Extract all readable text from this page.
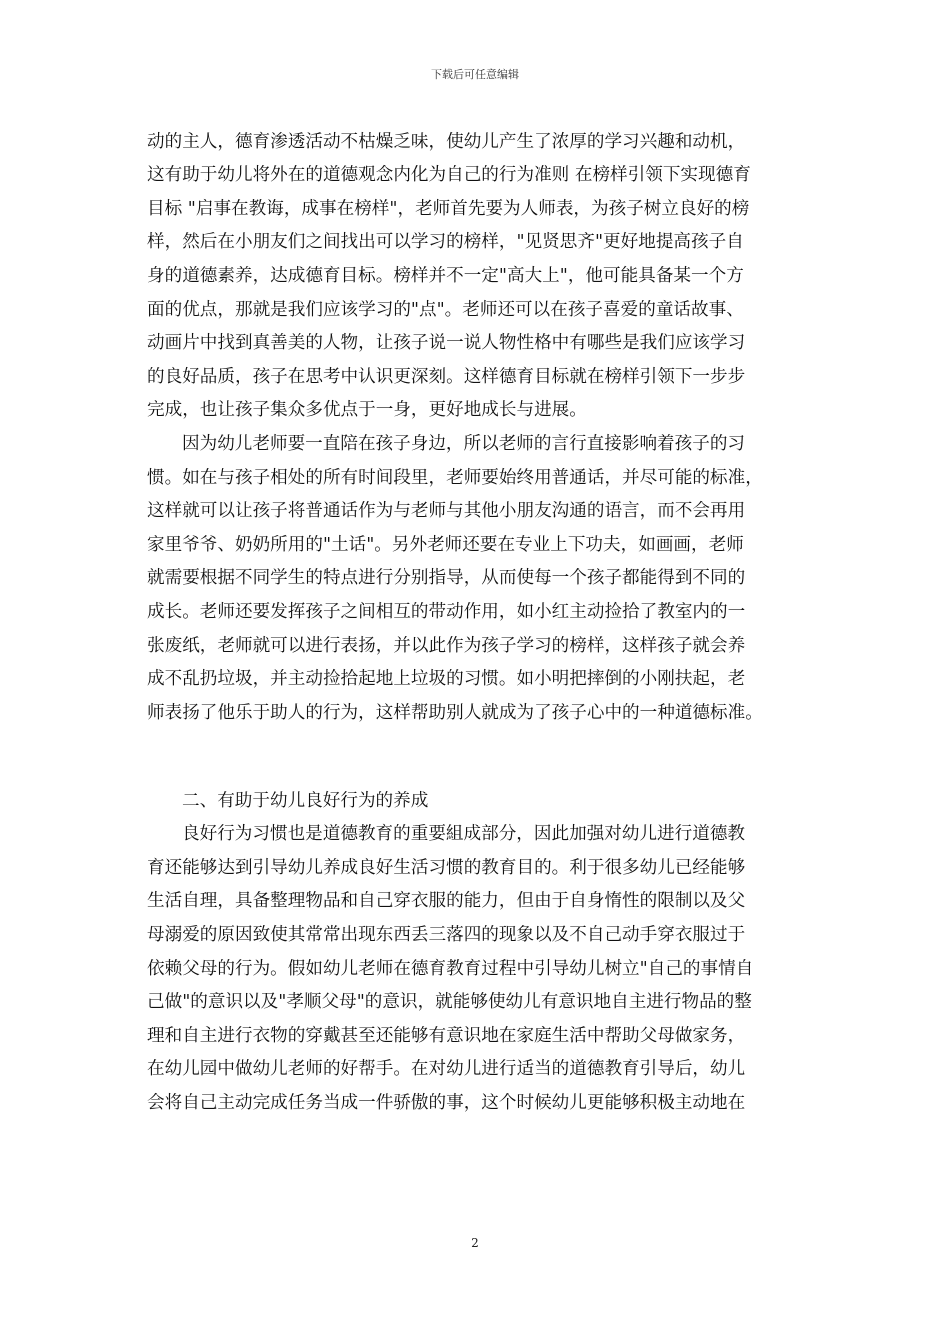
下载后可任意编辑
动的主人，德育渗透活动不枯燥乏味，使幼儿产生了浓厚的学习兴趣和动机，
这有助于幼儿将外在的道德观念内化为自己的行为准则 在榜样引领下实现德育
目标 "启事在教诲，成事在榜样"，老师首先要为人师表，为孩子树立良好的榜
样，然后在小朋友们之间找出可以学习的榜样，"见贤思齐"更好地提高孩子自
身的道德素养，达成德育目标。榜样并不一定"高大上"，他可能具备某一个方
面的优点，那就是我们应该学习的"点"。老师还可以在孩子喜爱的童话故事、
动画片中找到真善美的人物，让孩子说一说人物性格中有哪些是我们应该学习
的良好品质，孩子在思考中认识更深刻。这样德育目标就在榜样引领下一步步
完成，也让孩子集众多优点于一身，更好地成长与进展。
因为幼儿老师要一直陪在孩子身边，所以老师的言行直接影响着孩子的习
惯。如在与孩子相处的所有时间段里，老师要始终用普通话，并尽可能的标准，
这样就可以让孩子将普通话作为与老师与其他小朋友沟通的语言，而不会再用
家里爷爷、奶奶所用的"土话"。另外老师还要在专业上下功夫，如画画，老师
就需要根据不同学生的特点进行分别指导，从而使每一个孩子都能得到不同的
成长。老师还要发挥孩子之间相互的带动作用，如小红主动捡拾了教室内的一
张废纸，老师就可以进行表扬，并以此作为孩子学习的榜样，这样孩子就会养
成不乱扔垃圾，并主动捡拾起地上垃圾的习惯。如小明把摔倒的小刚扶起，老
师表扬了他乐于助人的行为，这样帮助别人就成为了孩子心中的一种道德标准。
二、有助于幼儿良好行为的养成
良好行为习惯也是道德教育的重要組成部分，因此加强对幼儿进行道德教
育还能够达到引导幼儿养成良好生活习惯的教育目的。利于很多幼儿已经能够
生活自理，具备整理物品和自己穿衣服的能力，但由于自身惰性的限制以及父
母溺爱的原因致使其常常出现东西丢三落四的现象以及不自己动手穿衣服过于
依赖父母的行为。假如幼儿老师在德育教育过程中引导幼儿树立"自己的事情自
己做"的意识以及"孝顺父母"的意识，就能够使幼儿有意识地自主进行物品的整
理和自主进行衣物的穿戴甚至还能够有意识地在家庭生活中帮助父母做家务，
在幼儿园中做幼儿老师的好帮手。在对幼儿进行适当的道德教育引导后，幼儿
会将自己主动完成任务当成一件骄傲的事，这个时候幼儿更能够积极主动地在
2
